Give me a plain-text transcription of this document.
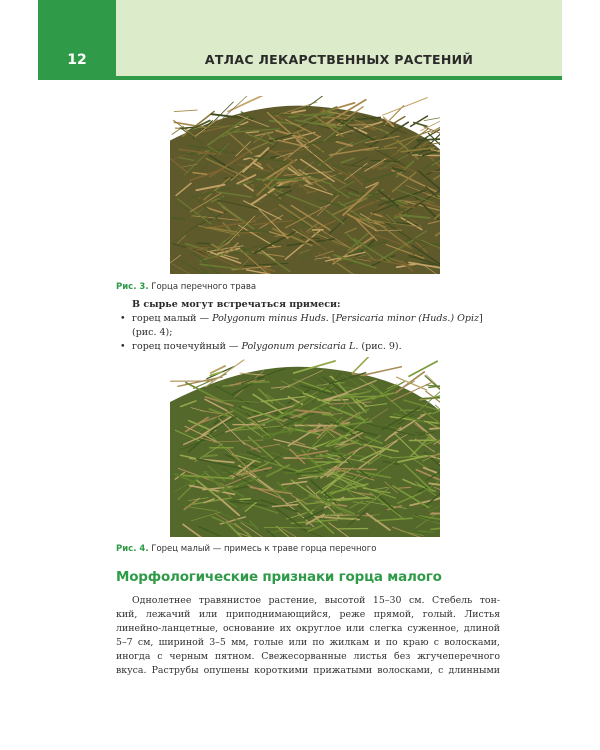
12	АТЛАС ЛЕКАРСТВЕННЫХ РАСТЕНИЙ
Рис. 3. Горца перечного трава
В сырье могут встречаться примеси:
• горец малый — Polygonum minus Huds. [Persicaria minor (Huds.) Opiz]
(рис. 4);
• горец почечуйный — Polygonum persicaria L. (рис. 9).
Рис. 4. Горец малый — примесь к траве горца перечного
Морфологические признаки горца малого
Однолетнее травянистое растение, высотой 15–30 см. Стебель тон-
кий, лежачий или приподнимающийся, реже прямой, голый. Листья
линейно-ланцетные, основание их округлое или слегка суженное, длиной
5–7 см, шириной 3–5 мм, голые или по жилкам и по краю с волосками,
иногда с черным пятном. Свежесорванные листья без жгучеперечного
вкуса. Раструбы опушены короткими прижатыми волосками, с длинными
